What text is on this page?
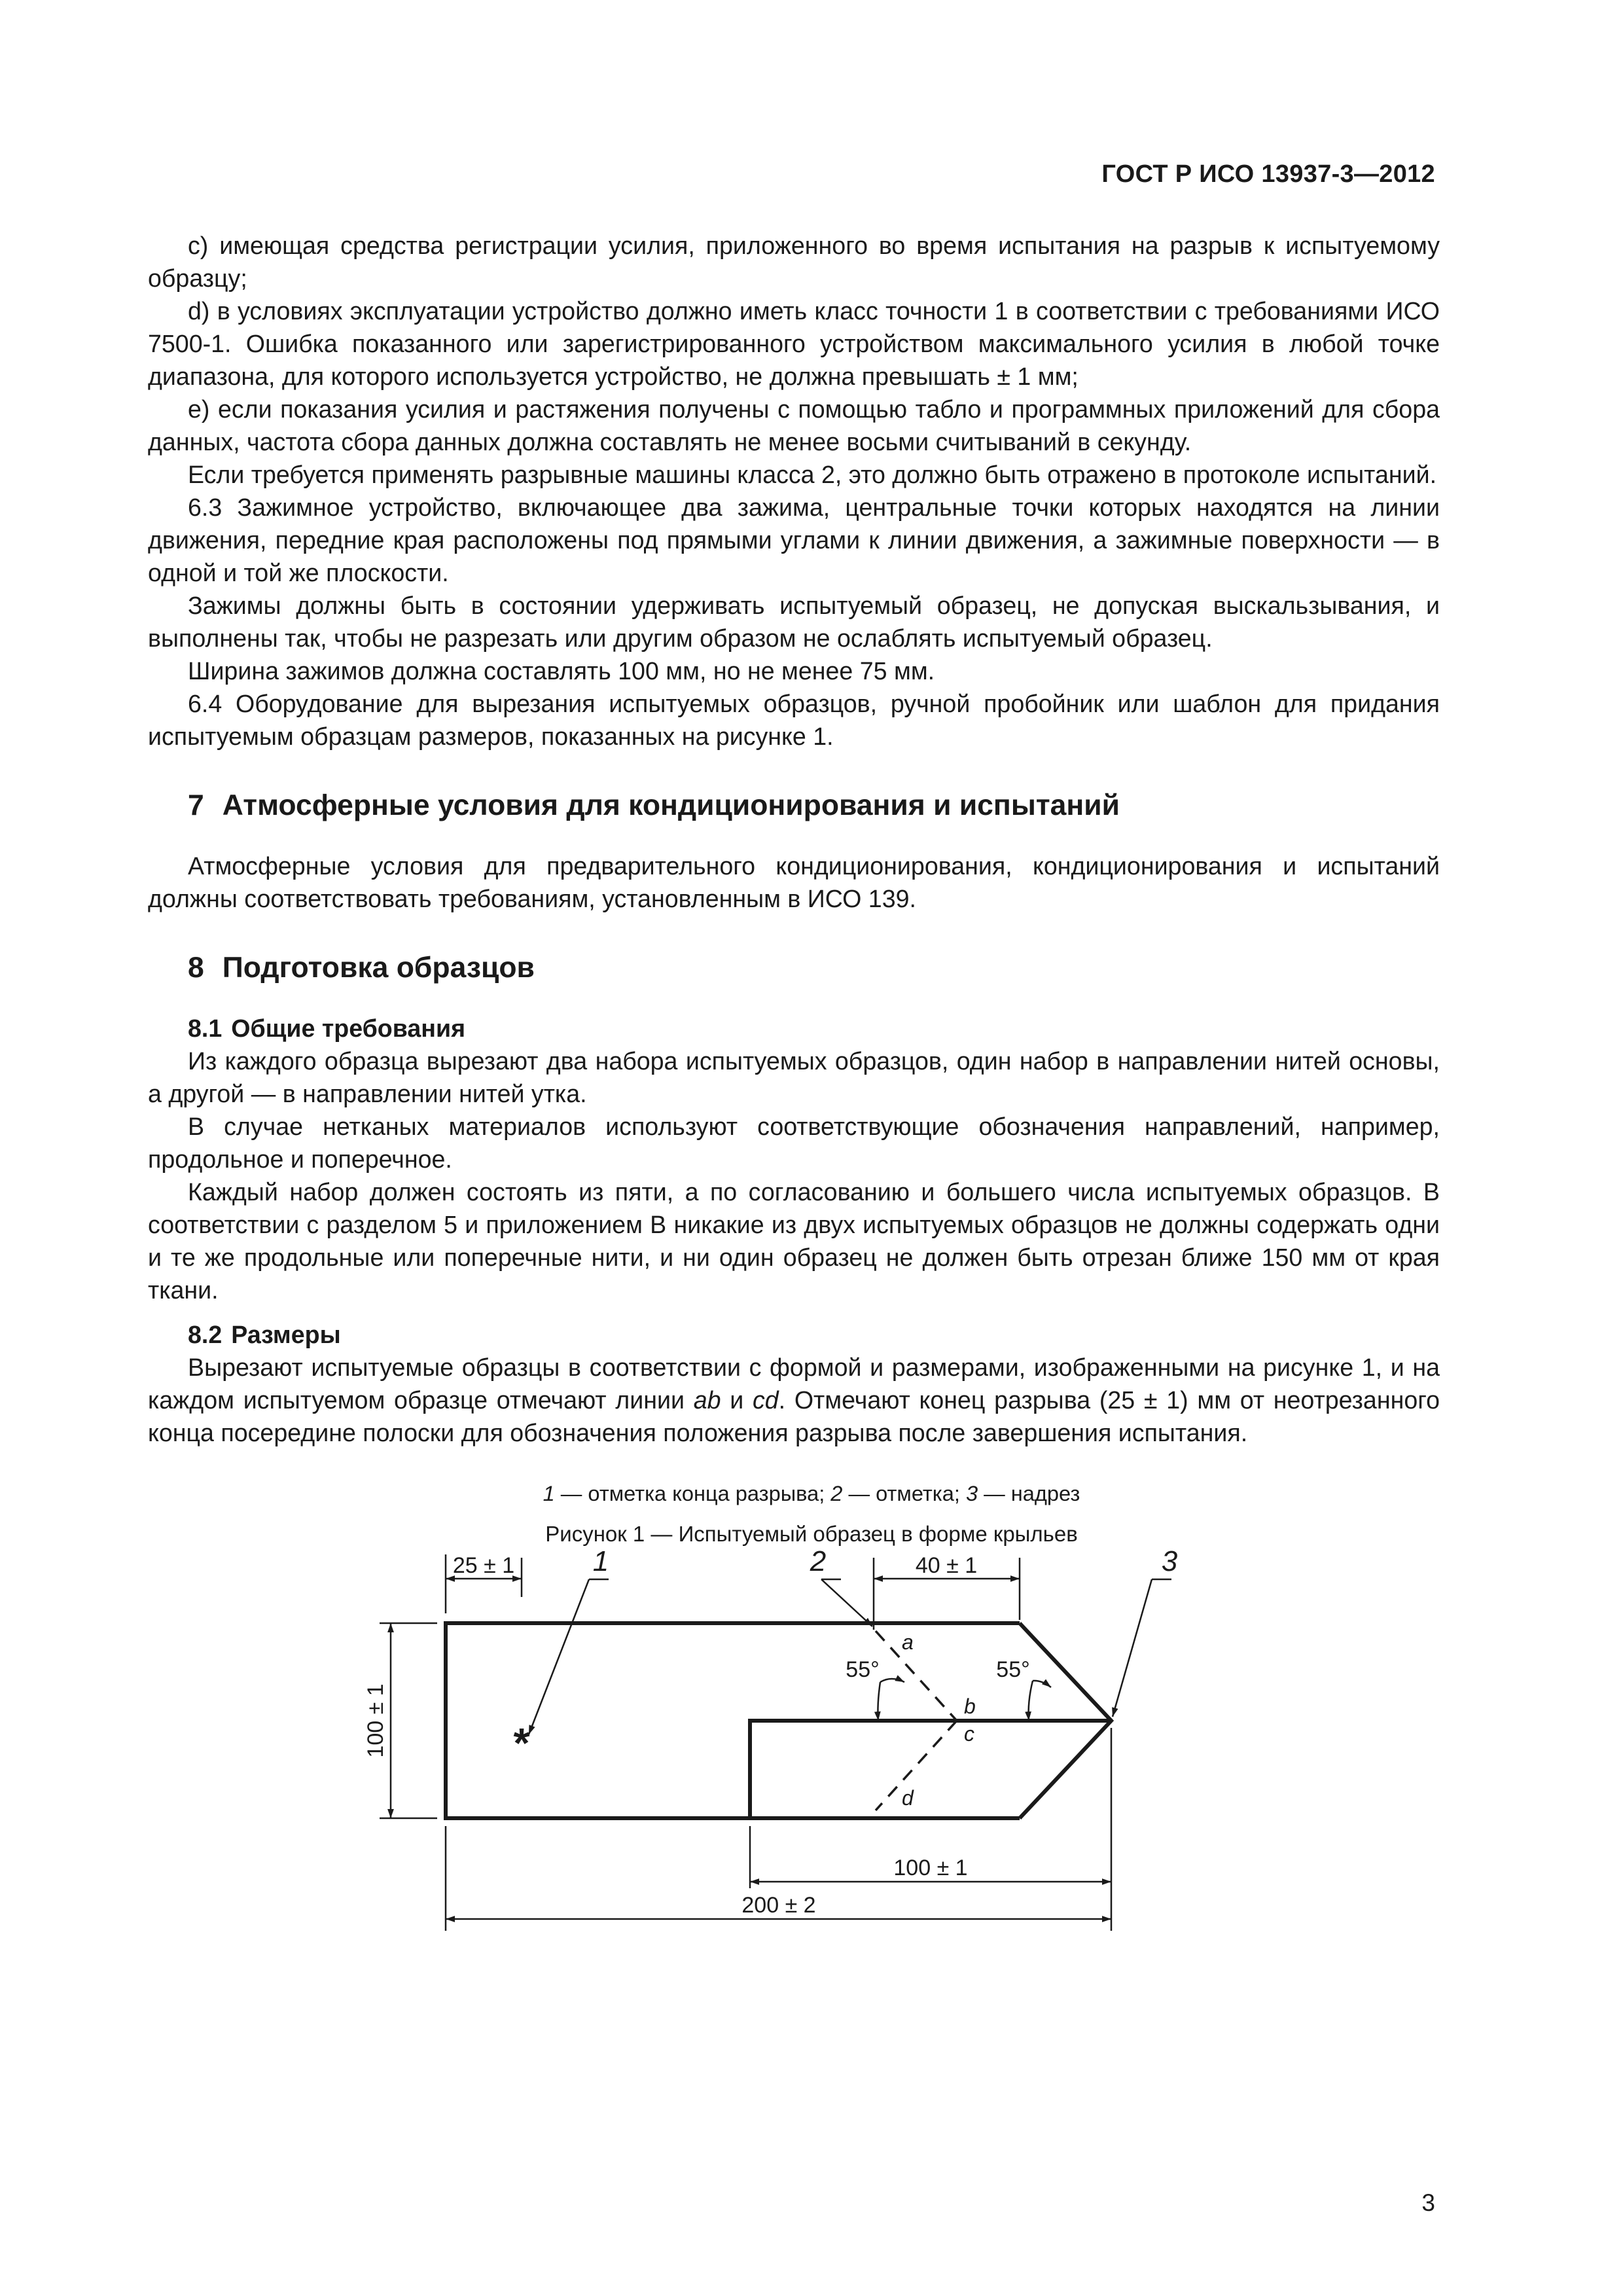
ГОСТ Р ИСО 13937-3—2012

c) имеющая средства регистрации усилия, приложенного во время испытания на разрыв к испытуемому образцу;

d) в условиях эксплуатации устройство должно иметь класс точности 1 в соответствии с требованиями ИСО 7500-1. Ошибка показанного или зарегистрированного устройством максимального усилия в любой точке диапазона, для которого используется устройство, не должна превышать ± 1 мм;

e) если показания усилия и растяжения получены с помощью табло и программных приложений для сбора данных, частота сбора данных должна составлять не менее восьми считываний в секунду.

Если требуется применять разрывные машины класса 2, это должно быть отражено в протоколе испытаний.

6.3 Зажимное устройство, включающее два зажима, центральные точки которых находятся на линии движения, передние края расположены под прямыми углами к линии движения, а зажимные поверхности — в одной и той же плоскости.

Зажимы должны быть в состоянии удерживать испытуемый образец, не допуская выскальзывания, и выполнены так, чтобы не разрезать или другим образом не ослаблять испытуемый образец.

Ширина зажимов должна составлять 100 мм, но не менее 75 мм.

6.4 Оборудование для вырезания испытуемых образцов, ручной пробойник или шаблон для придания испытуемым образцам размеров, показанных на рисунке 1.

7 Атмосферные условия для кондиционирования и испытаний

Атмосферные условия для предварительного кондиционирования, кондиционирования и испытаний должны соответствовать требованиям, установленным в ИСО 139.

8 Подготовка образцов
8.1 Общие требования

Из каждого образца вырезают два набора испытуемых образцов, один набор в направлении нитей основы, а другой — в направлении нитей утка.

В случае нетканых материалов используют соответствующие обозначения направлений, например, продольное и поперечное.

Каждый набор должен состоять из пяти, а по согласованию и большего числа испытуемых образцов. В соответствии с разделом 5 и приложением В никакие из двух испытуемых образцов не должны содержать одни и те же продольные или поперечные нити, и ни один образец не должен быть отрезан ближе 150 мм от края ткани.

8.2 Размеры

Вырезают испытуемые образцы в соответствии с формой и размерами, изображенными на рисунке 1, и на каждом испытуемом образце отмечают линии ab и cd. Отмечают конец разрыва (25 ± 1) мм от неотрезанного конца посередине полоски для обозначения положения разрыва после завершения испытания.

*
25 ± 1	40 ± 1
100 ± 1
100 ± 1
200 ± 2
55°	55°
a
b
c
d
1	2	3
1 — отметка конца разрыва; 2 — отметка; 3 — надрез
Рисунок 1 — Испытуемый образец в форме крыльев
3
